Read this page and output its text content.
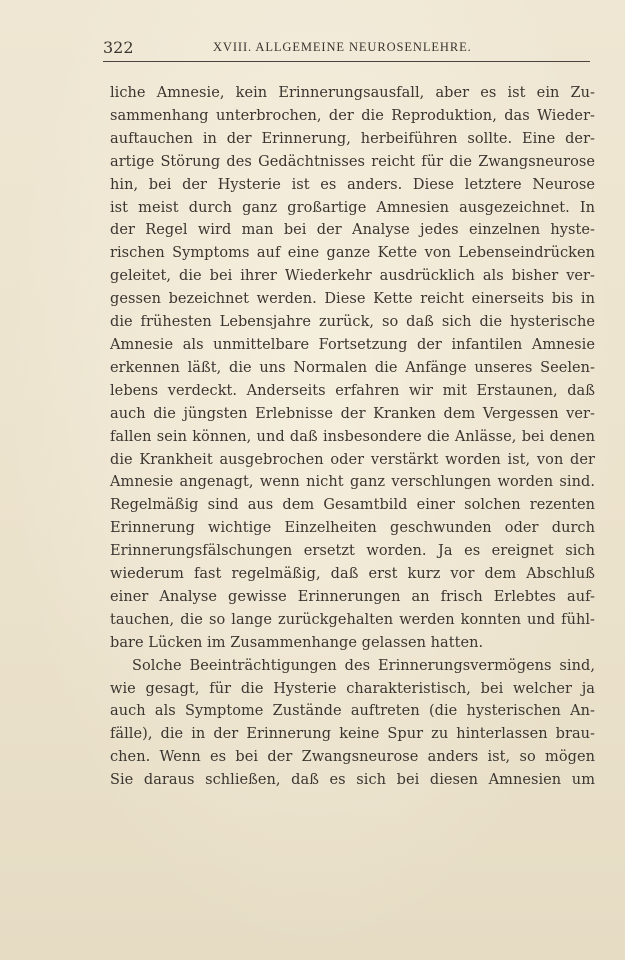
322	XVIII. ALLGEMEINE NEUROSENLEHRE.
liche Amnesie, kein Erinnerungsausfall, aber es ist ein Zu-
sammenhang unterbrochen, der die Reproduktion, das Wieder-
auftauchen in der Erinnerung, herbeiführen sollte. Eine der-
artige Störung des Gedächtnisses reicht für die Zwangsneurose
hin, bei der Hysterie ist es anders. Diese letztere Neurose
ist meist durch ganz großartige Amnesien ausgezeichnet. In
der Regel wird man bei der Analyse jedes einzelnen hyste-
rischen Symptoms auf eine ganze Kette von Lebenseindrücken
geleitet, die bei ihrer Wiederkehr ausdrücklich als bisher ver-
gessen bezeichnet werden. Diese Kette reicht einerseits bis in
die frühesten Lebensjahre zurück, so daß sich die hysterische
Amnesie als unmittelbare Fortsetzung der infantilen Amnesie
erkennen läßt, die uns Normalen die Anfänge unseres Seelen-
lebens verdeckt. Anderseits erfahren wir mit Erstaunen, daß
auch die jüngsten Erlebnisse der Kranken dem Vergessen ver-
fallen sein können, und daß insbesondere die Anlässe, bei denen
die Krankheit ausgebrochen oder verstärkt worden ist, von der
Amnesie angenagt, wenn nicht ganz verschlungen worden sind.
Regelmäßig sind aus dem Gesamtbild einer solchen rezenten
Erinnerung wichtige Einzelheiten geschwunden oder durch
Erinnerungsfälschungen ersetzt worden. Ja es ereignet sich
wiederum fast regelmäßig, daß erst kurz vor dem Abschluß
einer Analyse gewisse Erinnerungen an frisch Erlebtes auf-
tauchen, die so lange zurückgehalten werden konnten und fühl-
bare Lücken im Zusammenhange gelassen hatten.
Solche Beeinträchtigungen des Erinnerungsvermögens sind,
wie gesagt, für die Hysterie charakteristisch, bei welcher ja
auch als Symptome Zustände auftreten (die hysterischen An-
fälle), die in der Erinnerung keine Spur zu hinterlassen brau-
chen. Wenn es bei der Zwangsneurose anders ist, so mögen
Sie daraus schließen, daß es sich bei diesen Amnesien um
